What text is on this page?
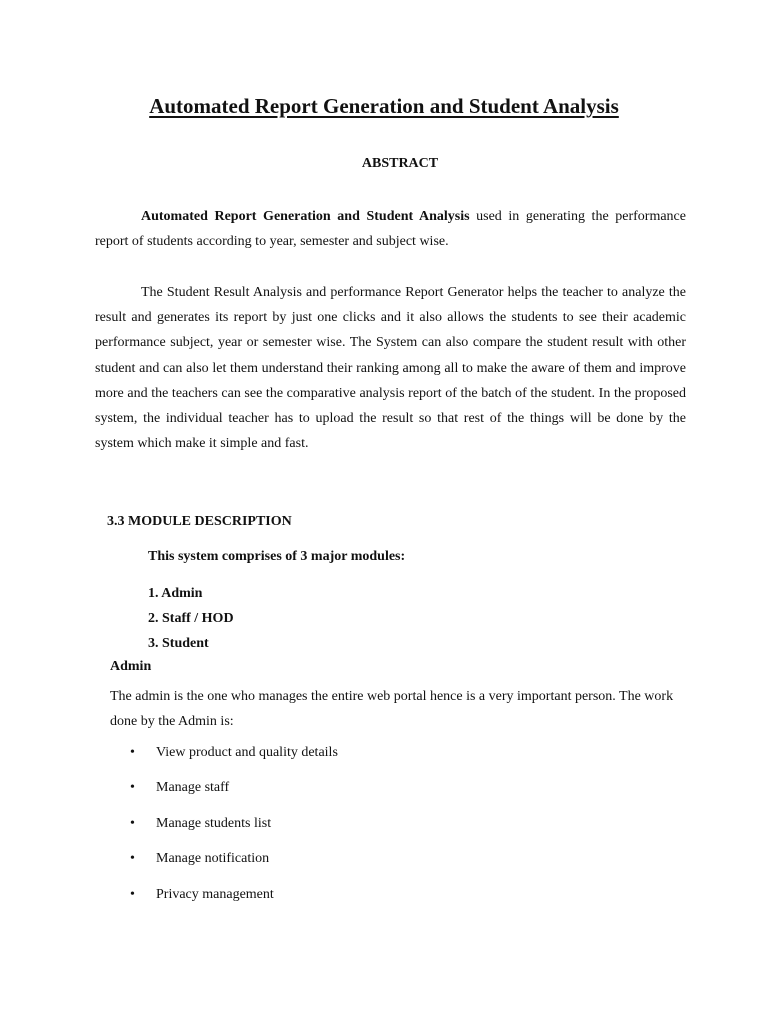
Automated Report Generation and Student Analysis
ABSTRACT
Automated Report Generation and Student Analysis used in generating the performance report of students according to year, semester and subject wise.
The Student Result Analysis and performance Report Generator helps the teacher to analyze the result and generates its report by just one clicks and it also allows the students to see their academic performance subject, year or semester wise. The System can also compare the student result with other student and can also let them understand their ranking among all to make the aware of them and improve more and the teachers can see the comparative analysis report of the batch of the student. In the proposed system, the individual teacher has to upload the result so that rest of the things will be done by the system which make it simple and fast.
3.3 MODULE DESCRIPTION
This system comprises of 3 major modules:
1. Admin
2. Staff / HOD
3. Student
Admin
The admin is the one who manages the entire web portal hence is a very important person. The work done by the Admin is:
• View product and quality details
• Manage staff
• Manage students list
• Manage notification
• Privacy management
